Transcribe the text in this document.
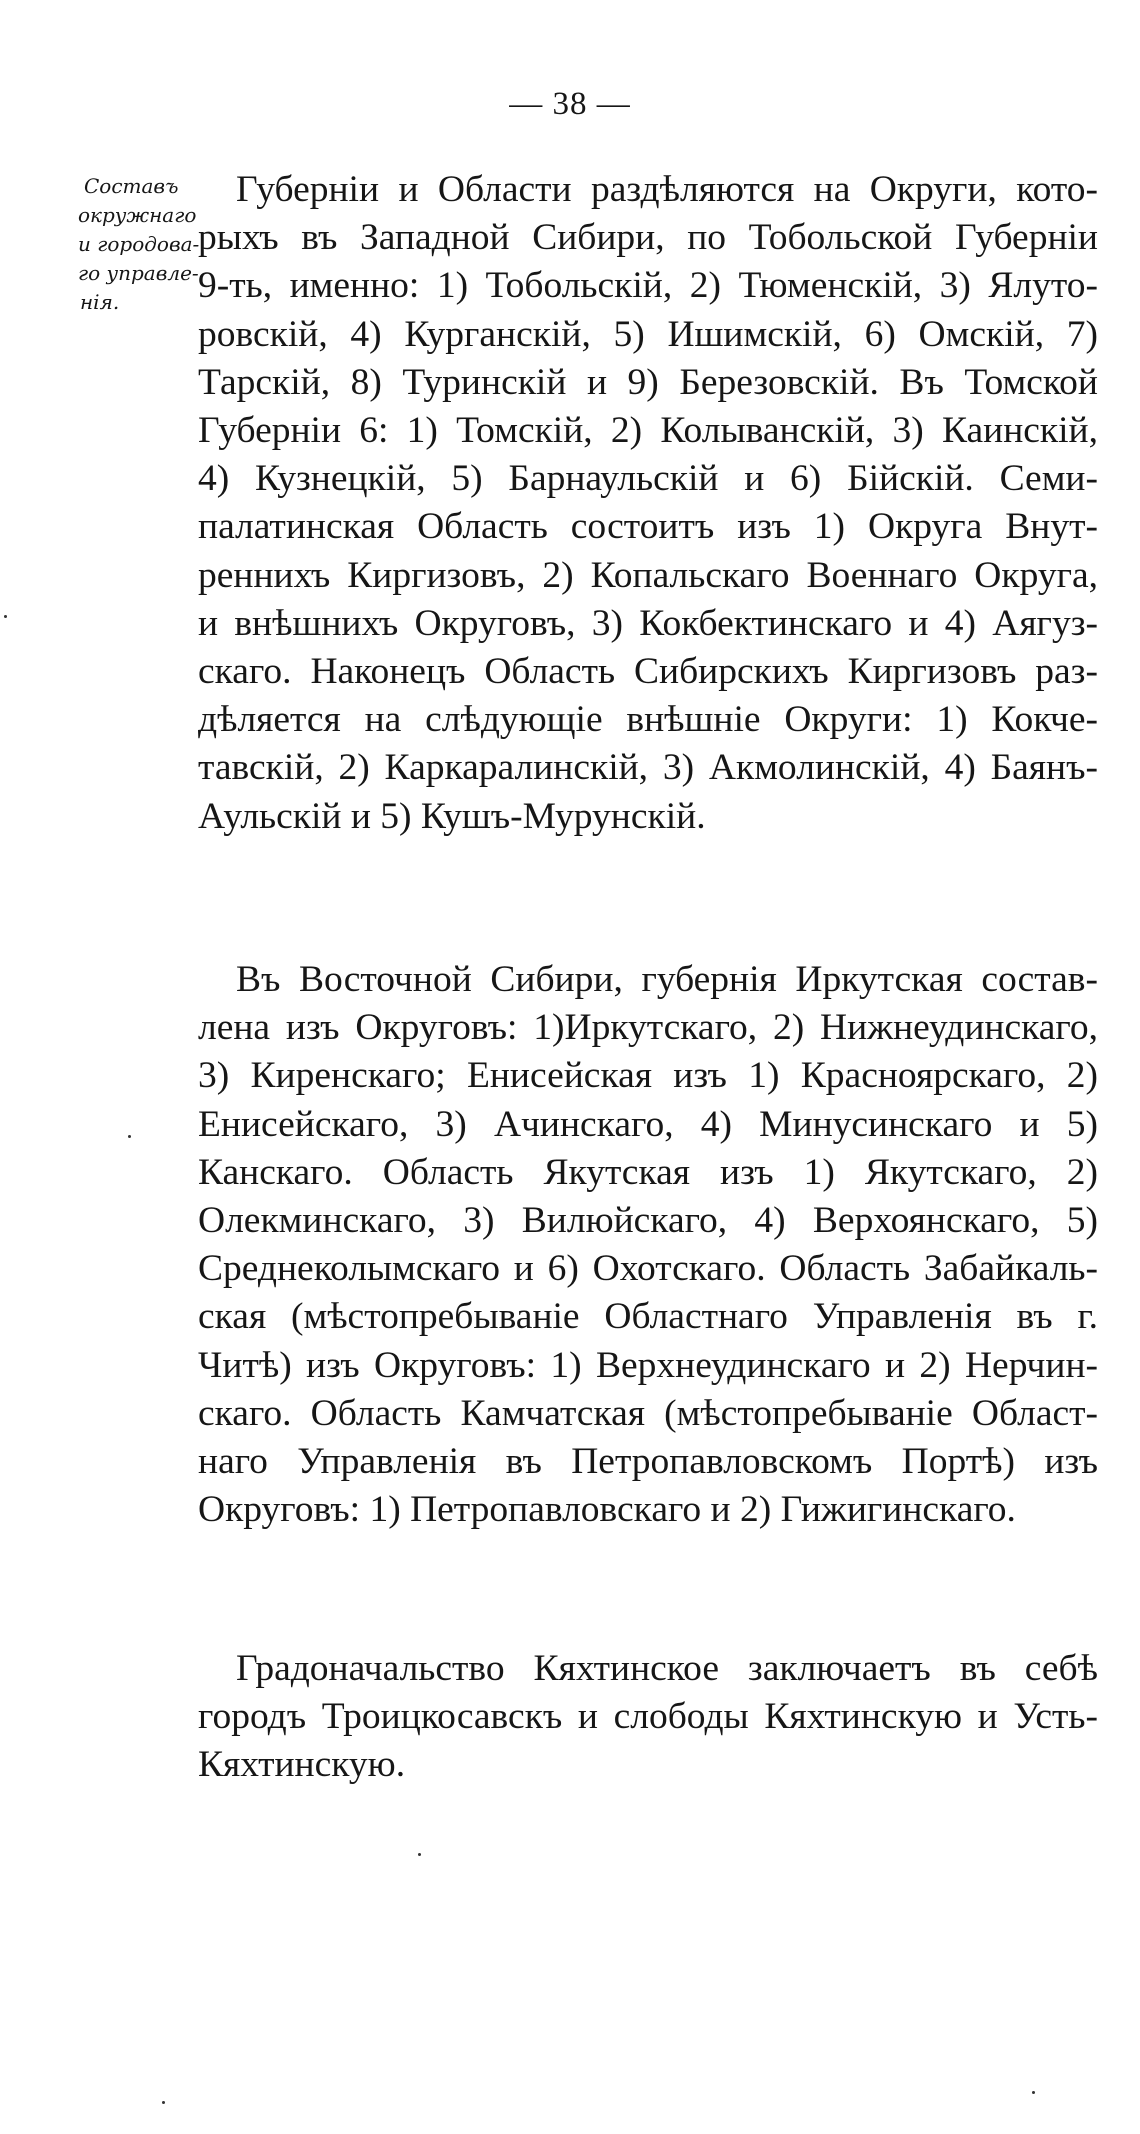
— 38 —
Составъ
окружнаго
и городова-
го управле-
нія.
Губерніи и Области раздѣляются на Округи, кото-
рыхъ въ Западной Сибири, по Тобольской Губерніи
9-ть, именно: 1) Тобольскій, 2) Тюменскій, 3) Ялуто-
ровскій, 4) Курганскій, 5) Ишимскій, 6) Омскій, 7)
Тарскій, 8) Туринскій и 9) Березовскій. Въ Томской
Губерніи 6: 1) Томскій, 2) Колыванскій, 3) Каинскій,
4) Кузнецкій, 5) Барнаульскій и 6) Бійскій. Семи-
палатинская Область состоитъ изъ 1) Округа Внут-
реннихъ Киргизовъ, 2) Копальскаго Военнаго Округа,
и внѣшнихъ Округовъ, 3) Кокбектинскаго и 4) Аягуз-
скаго. Наконецъ Область Сибирскихъ Киргизовъ раз-
дѣляется на слѣдующіе внѣшніе Округи: 1) Кокче-
тавскій, 2) Каркаралинскій, 3) Акмолинскій, 4) Баянъ-
Аульскій и 5) Кушъ-Мурунскій.
Въ Восточной Сибири, губернія Иркутская состав-
лена изъ Округовъ: 1)Иркутскаго, 2) Нижнеудинскаго,
3) Киренскаго; Енисейская изъ 1) Красноярскаго, 2)
Енисейскаго, 3) Ачинскаго, 4) Минусинскаго и 5)
Канскаго. Область Якутская изъ 1) Якутскаго, 2)
Олекминскаго, 3) Вилюйскаго, 4) Верхоянскаго, 5)
Среднеколымскаго и 6) Охотскаго. Область Забайкаль-
ская (мѣстопребываніе Областнаго Управленія въ г.
Читѣ) изъ Округовъ: 1) Верхнеудинскаго и 2) Нерчин-
скаго. Область Камчатская (мѣстопребываніе Област-
наго Управленія въ Петропавловскомъ Портѣ) изъ
Округовъ: 1) Петропавловскаго и 2) Гижигинскаго.
Градоначальство Кяхтинское заключаетъ въ себѣ
городъ Троицкосавскъ и слободы Кяхтинскую и Усть-
Кяхтинскую.
